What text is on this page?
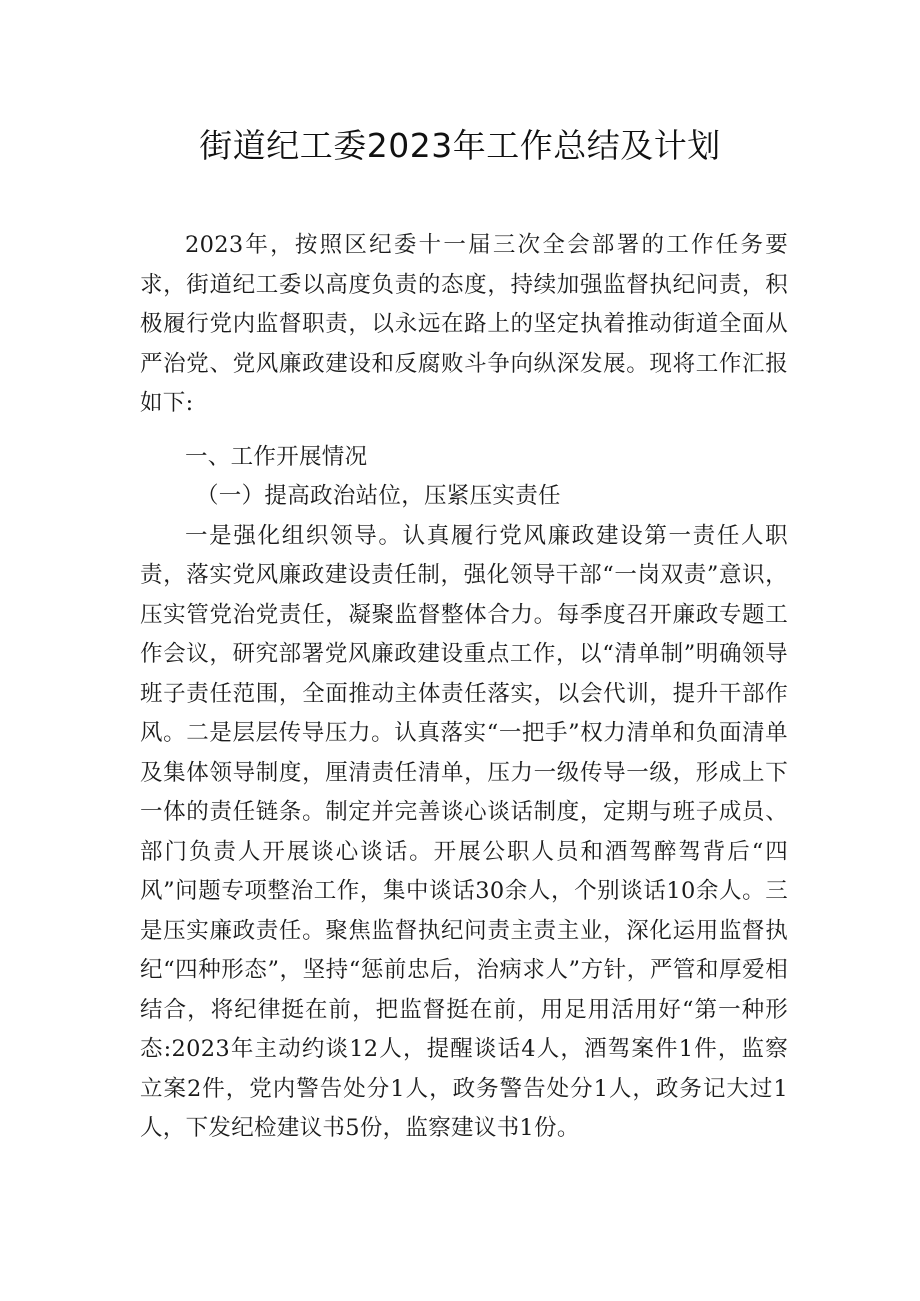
街道纪工委2023年工作总结及计划

2023年，按照区纪委十一届三次全会部署的工作任务要求，街道纪工委以高度负责的态度，持续加强监督执纪问责，积极履行党内监督职责，以永远在路上的坚定执着推动街道全面从严治党、党风廉政建设和反腐败斗争向纵深发展。现将工作汇报如下:

一、工作开展情况

（一）提高政治站位，压紧压实责任

一是强化组织领导。认真履行党风廉政建设第一责任人职责，落实党风廉政建设责任制，强化领导干部“一岗双责”意识，压实管党治党责任，凝聚监督整体合力。每季度召开廉政专题工作会议，研究部署党风廉政建设重点工作，以“清单制”明确领导班子责任范围，全面推动主体责任落实，以会代训，提升干部作风。二是层层传导压力。认真落实“一把手”权力清单和负面清单及集体领导制度，厘清责任清单，压力一级传导一级，形成上下一体的责任链条。制定并完善谈心谈话制度，定期与班子成员、部门负责人开展谈心谈话。开展公职人员和酒驾醉驾背后“四风”问题专项整治工作，集中谈话30余人，个别谈话10余人。三是压实廉政责任。聚焦监督执纪问责主责主业，深化运用监督执纪“四种形态”，坚持“惩前忠后，治病求人”方针，严管和厚爱相结合，将纪律挺在前，把监督挺在前，用足用活用好“第一种形态:2023年主动约谈12人，提醒谈话4人，酒驾案件1件，监察立案2件，党内警告处分1人，政务警告处分1人，政务记大过1人，下发纪检建议书5份，监察建议书1份。
